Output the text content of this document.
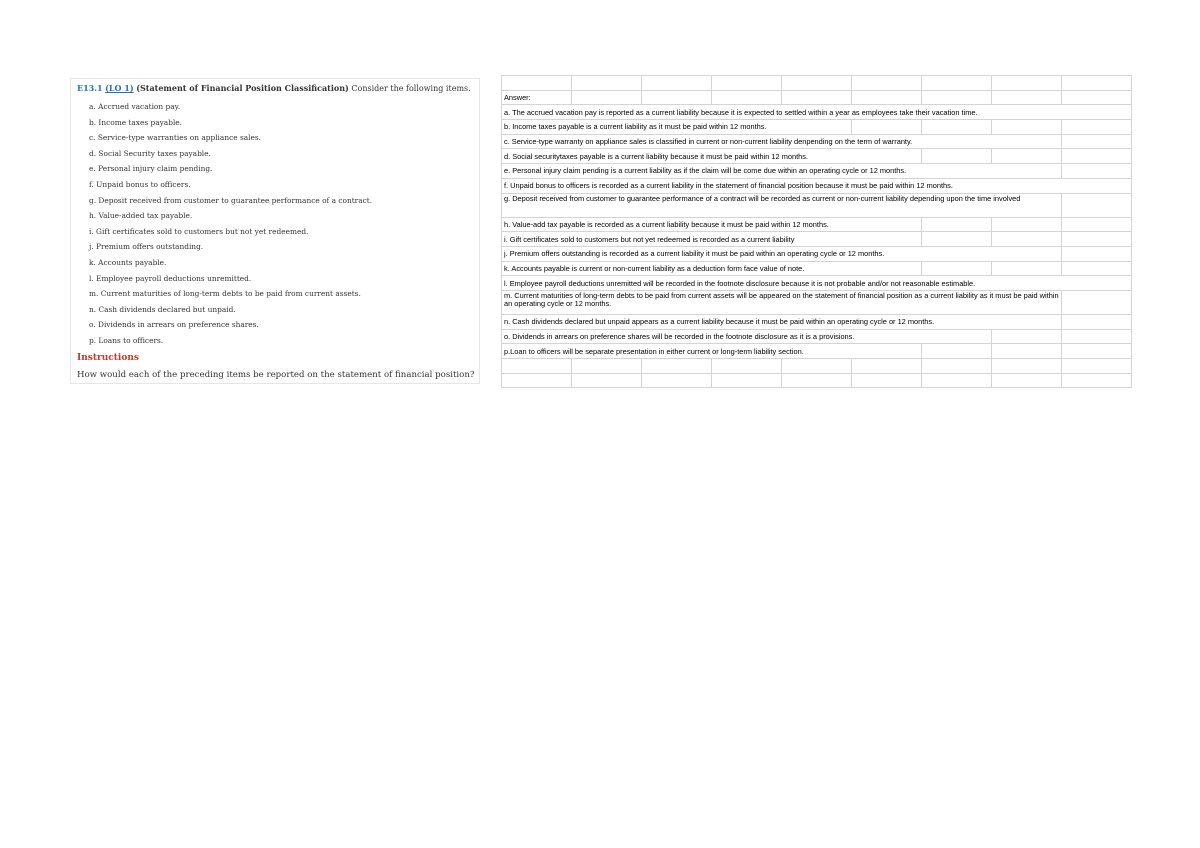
E13.1 (LO 1) (Statement of Financial Position Classification) Consider the following items.
a. Accrued vacation pay.
b. Income taxes payable.
c. Service-type warranties on appliance sales.
d. Social Security taxes payable.
e. Personal injury claim pending.
f. Unpaid bonus to officers.
g. Deposit received from customer to guarantee performance of a contract.
h. Value-added tax payable.
i. Gift certificates sold to customers but not yet redeemed.
j. Premium offers outstanding.
k. Accounts payable.
l. Employee payroll deductions unremitted.
m. Current maturities of long-term debts to be paid from current assets.
n. Cash dividends declared but unpaid.
o. Dividends in arrears on preference shares.
p. Loans to officers.
Instructions
How would each of the preceding items be reported on the statement of financial position?

Answer:								
a. The accrued vacation pay is reported as a current liability because it is expected to settled within a year as employees take their vacation time.								
b. Income taxes payable is a current liability as it must be paid within 12 months.								
c. Service-type warranty on appliance sales is classified in current or non-current liability denpending on the term of warranty.								
d. Social securitytaxes payable is a current liability because it must be paid within 12 months.								
e. Personal injury claim pending is a current liability as if the claim will be come due within an operating cycle or 12 months.								
f. Unpaid bonus to officers is recorded as a current liability in the statement of financial position because it must be paid within 12 months.								
g. Deposit received from customer to guarantee performance of a contract will be recorded as current or non-current liability depending upon the time involved								
h. Value-add tax payable is recorded as a current liability because it must be paid within 12 months.								
i. Gift certificates sold to customers but not yet redeemed is recorded as a current liability								
j. Premium offers outstanding is recorded as a current liability it must be paid within an operating cycle or 12 months.								
k. Accounts payable is current or non-current liability as a deduction form face value of note.								
l. Employee payroll deductions unremitted will be recorded in the footnote disclosure because it is not probable and/or not reasonable estimable.								
m. Current maturities of long-term debts to be paid from current assets will be appeared on the statement of financial position as a current liability as it must be paid within an operating cycle or 12 months.								
n. Cash dividends declared but unpaid appears as a current liability because it must be paid within an operating cycle or 12 months.								
o. Dividends in arrears on preference shares will be recorded in the footnote disclosure as it is a provisions.								
p.Loan to officers will be separate presentation in either current or long-term liability section.								
